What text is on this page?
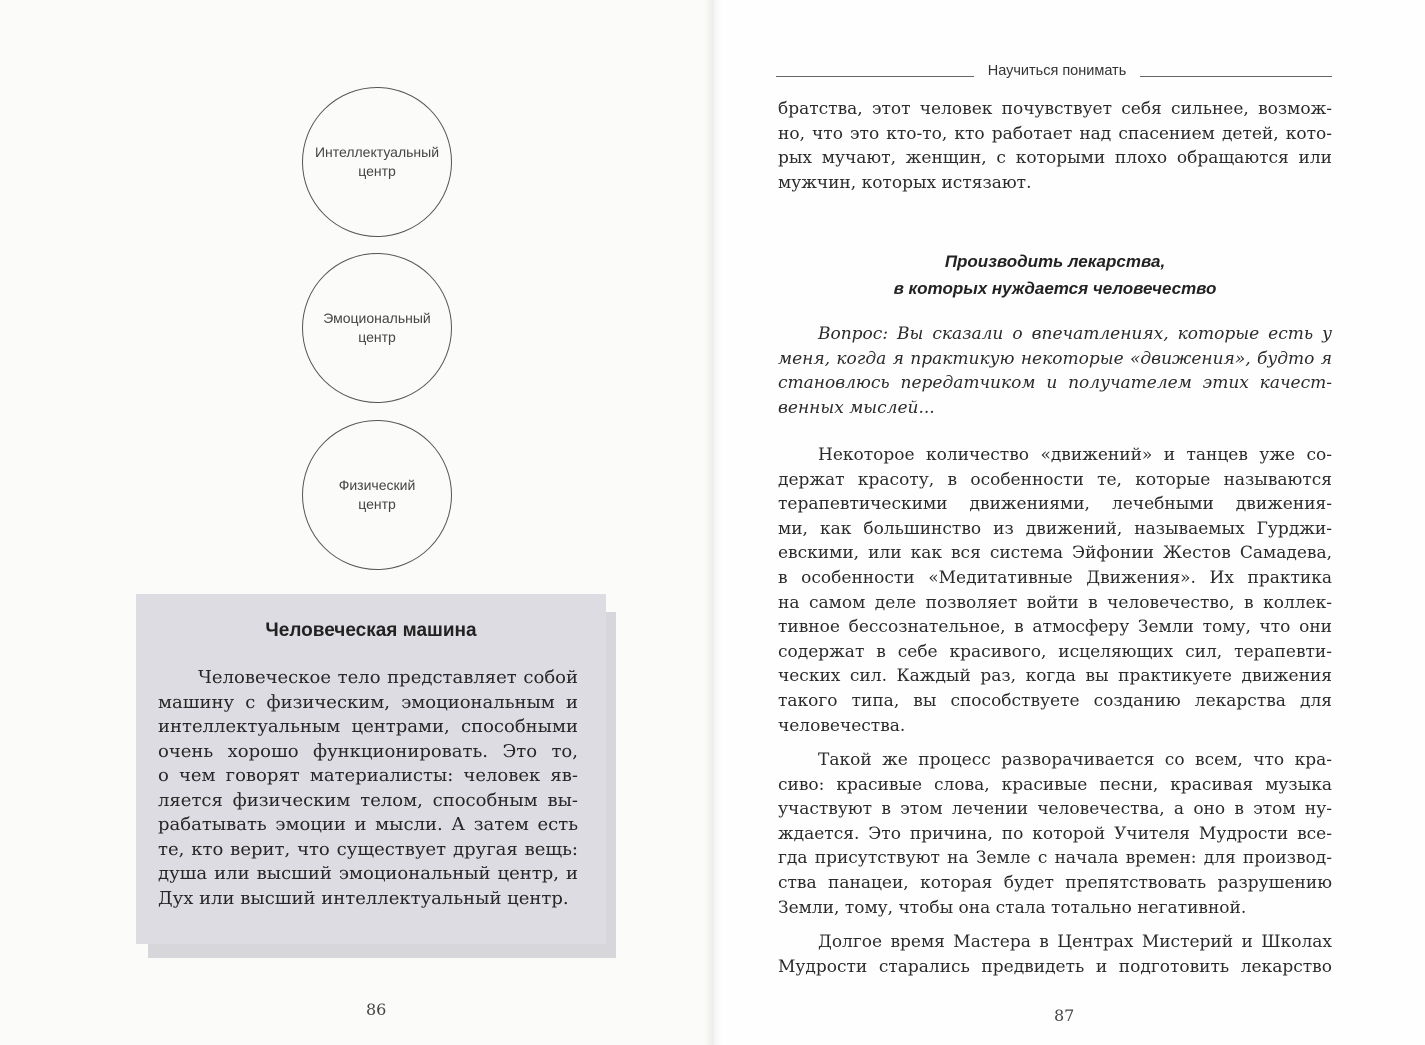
Интеллектуальный
центр
Эмоциональный
центр
Физический
центр
Человеческая машина
Человеческое тело представляет собой
машину с физическим, эмоциональным и
интеллектуальным центрами, способными
очень хорошо функционировать. Это то,
о чем говорят материалисты: человек яв-
ляется физическим телом, способным вы-
рабатывать эмоции и мысли. А затем есть
те, кто верит, что существует другая вещь:
душа или высший эмоциональный центр, и
Дух или высший интеллектуальный центр.
86
Научиться понимать
братства, этот человек почувствует себя сильнее, возмож-
но, что это кто-то, кто работает над спасением детей, кото-
рых мучают, женщин, с которыми плохо обращаются или
мужчин, которых истязают.
Производить лекарства,
в которых нуждается человечество
Вопрос: Вы сказали о впечатлениях, которые есть у
меня, когда я практикую некоторые «движения», будто я
становлюсь передатчиком и получателем этих качест-
венных мыслей...
Некоторое количество «движений» и танцев уже со-
держат красоту, в особенности те, которые называются
терапевтическими движениями, лечебными движения-
ми, как большинство из движений, называемых Гурджи-
евскими, или как вся система Эйфонии Жестов Самадева,
в особенности «Медитативные Движения». Их практика
на самом деле позволяет войти в человечество, в коллек-
тивное бессознательное, в атмосферу Земли тому, что они
содержат в себе красивого, исцеляющих сил, терапевти-
ческих сил. Каждый раз, когда вы практикуете движения
такого типа, вы способствуете созданию лекарства для
человечества.
Такой же процесс разворачивается со всем, что кра-
сиво: красивые слова, красивые песни, красивая музыка
участвуют в этом лечении человечества, а оно в этом ну-
ждается. Это причина, по которой Учителя Мудрости все-
гда присутствуют на Земле с начала времен: для производ-
ства панацеи, которая будет препятствовать разрушению
Земли, тому, чтобы она стала тотально негативной.
Долгое время Мастера в Центрах Мистерий и Школах
Мудрости старались предвидеть и подготовить лекарство
87
